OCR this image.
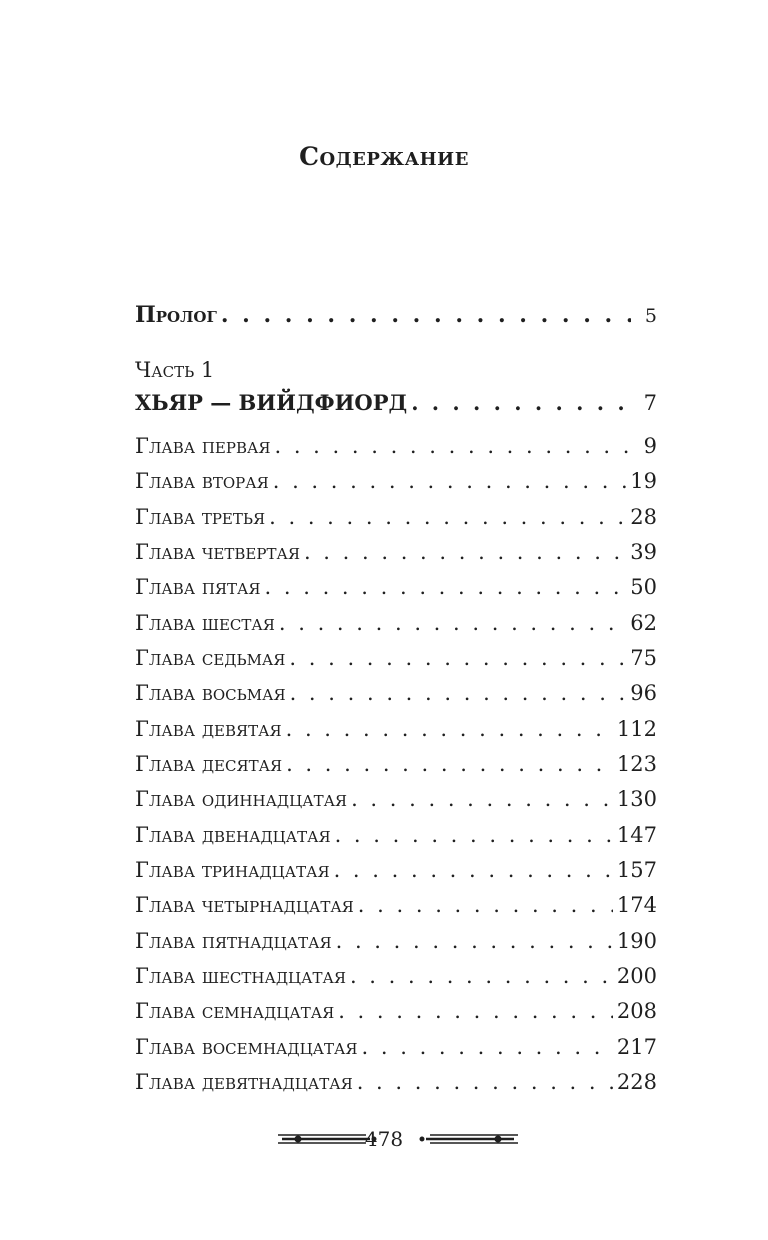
Содержание
Пролог . . .	5
Часть 1
ХЬЯР — ВИЙДФИОРД . . .	7
Глава первая . . .	9
Глава вторая . . .	19
Глава третья . . .	28
Глава четвертая . . .	39
Глава пятая . . .	50
Глава шестая . . .	62
Глава седьмая . . .	75
Глава восьмая . . .	96
Глава девятая . . .	112
Глава десятая . . .	123
Глава одиннадцатая . . .	130
Глава двенадцатая . . .	147
Глава тринадцатая . . .	157
Глава четырнадцатая . . .	174
Глава пятнадцатая . . .	190
Глава шестнадцатая . . .	200
Глава семнадцатая . . .	208
Глава восемнадцатая . . .	217
Глава девятнадцатая . . .	228
478
